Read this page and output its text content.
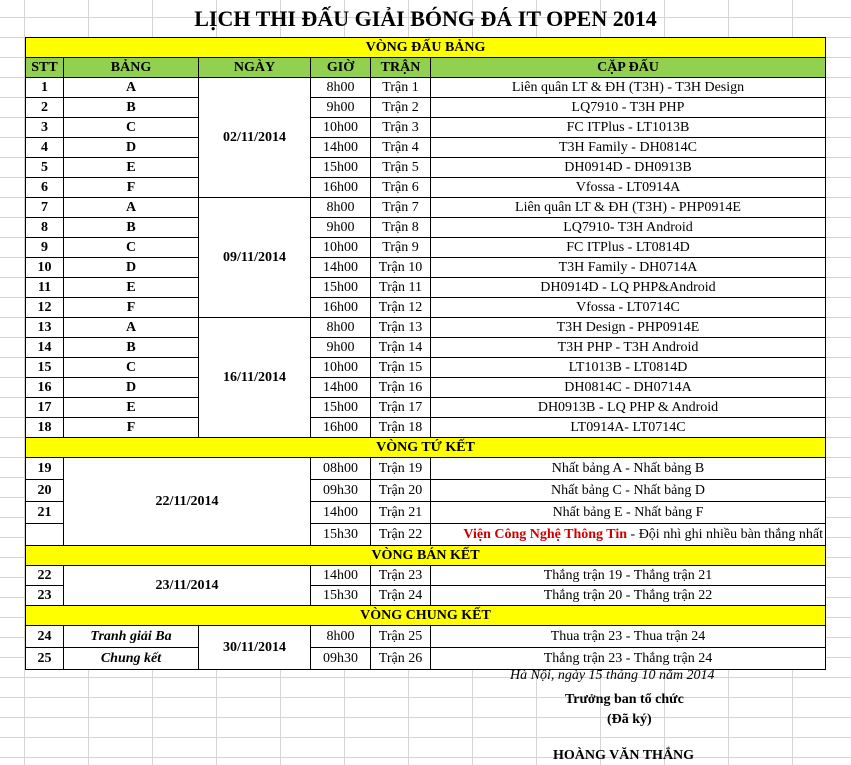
LỊCH THI ĐẤU GIẢI BÓNG ĐÁ IT OPEN 2014
VÒNG ĐẤU BẢNG					
STT	BẢNG	NGÀY	GIỜ	TRẬN	CẶP ĐẤU
1	A	02/11/2014	8h00	Trận 1	Liên quân LT & ĐH (T3H) - T3H Design
2	B		9h00	Trận 2	LQ7910 - T3H PHP
3	C		10h00	Trận 3	FC ITPlus - LT1013B
4	D		14h00	Trận 4	T3H Family - DH0814C
5	E		15h00	Trận 5	DH0914D - DH0913B
6	F		16h00	Trận 6	Vfossa - LT0914A
7	A	09/11/2014	8h00	Trận 7	Liên quân LT & ĐH (T3H) - PHP0914E
8	B		9h00	Trận 8	LQ7910- T3H Android
9	C		10h00	Trận 9	FC ITPlus - LT0814D
10	D		14h00	Trận 10	T3H Family - DH0714A
11	E		15h00	Trận 11	DH0914D - LQ PHP&Android
12	F		16h00	Trận 12	Vfossa - LT0714C
13	A	16/11/2014	8h00	Trận 13	T3H Design - PHP0914E
14	B		9h00	Trận 14	T3H PHP - T3H Android
15	C		10h00	Trận 15	LT1013B - LT0814D
16	D		14h00	Trận 16	DH0814C - DH0714A
17	E		15h00	Trận 17	DH0913B - LQ PHP & Android
18	F		16h00	Trận 18	LT0914A- LT0714C
VÒNG TỨ KẾT					
19	22/11/2014		08h00	Trận 19	Nhất bảng A - Nhất bảng B
20			09h30	Trận 20	Nhất bảng C - Nhất bảng D
21			14h00	Trận 21	Nhất bảng E - Nhất bảng F
			15h30	Trận 22	Viện Công Nghệ Thông Tin - Đội nhì ghi nhiều bàn thắng nhất
VÒNG BÁN KẾT					
22	23/11/2014		14h00	Trận 23	Thắng trận 19 - Thắng trận 21
23			15h30	Trận 24	Thắng trận 20 - Thắng trận 22
VÒNG CHUNG KẾT					
24	Tranh giải Ba	30/11/2014	8h00	Trận 25	Thua trận 23 - Thua trận 24
25	Chung kết		09h30	Trận 26	Thắng trận 23 - Thắng trận 24
Hà Nội, ngày 15 tháng 10 năm 2014
Trưởng ban tổ chức
(Đã ký)
HOÀNG VĂN THẮNG
